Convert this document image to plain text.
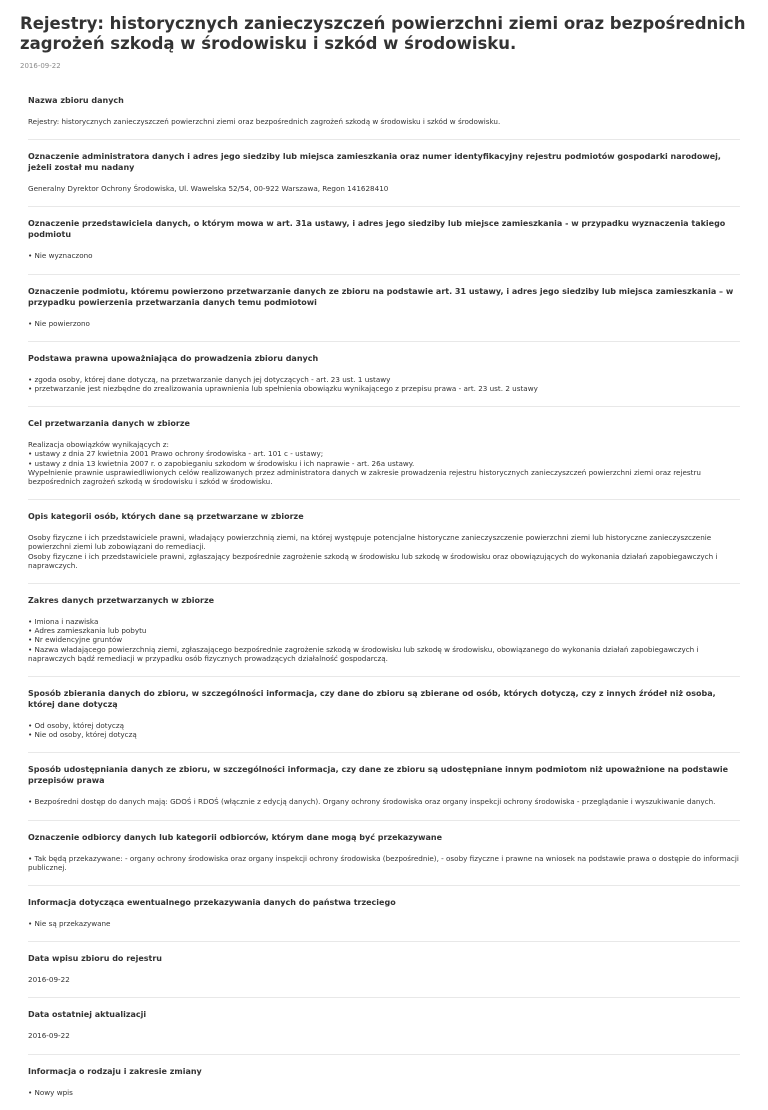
Rejestry: historycznych zanieczyszczeń powierzchni ziemi oraz bezpośrednich zagrożeń szkodą w środowisku i szkód w środowisku.
2016-09-22
Nazwa zbioru danych
Rejestry: historycznych zanieczyszczeń powierzchni ziemi oraz bezpośrednich zagrożeń szkodą w środowisku i szkód w środowisku.
Oznaczenie administratora danych i adres jego siedziby lub miejsca zamieszkania oraz numer identyfikacyjny rejestru podmiotów gospodarki narodowej, jeżeli został mu nadany
Generalny Dyrektor Ochrony Środowiska, Ul. Wawelska 52/54, 00-922 Warszawa, Regon 141628410
Oznaczenie przedstawiciela danych, o którym mowa w art. 31a ustawy, i adres jego siedziby lub miejsce zamieszkania - w przypadku wyznaczenia takiego podmiotu
• Nie wyznaczono
Oznaczenie podmiotu, któremu powierzono przetwarzanie danych ze zbioru na podstawie art. 31 ustawy, i adres jego siedziby lub miejsca zamieszkania – w przypadku powierzenia przetwarzania danych temu podmiotowi
• Nie powierzono
Podstawa prawna upoważniająca do prowadzenia zbioru danych
• zgoda osoby, której dane dotyczą, na przetwarzanie danych jej dotyczących - art. 23 ust. 1 ustawy
• przetwarzanie jest niezbędne do zrealizowania uprawnienia lub spełnienia obowiązku wynikającego z przepisu prawa - art. 23 ust. 2 ustawy
Cel przetwarzania danych w zbiorze
Realizacja obowiązków wynikających z:
• ustawy z dnia 27 kwietnia 2001 Prawo ochrony środowiska - art. 101 c - ustawy;
• ustawy z dnia 13 kwietnia 2007 r. o zapobieganiu szkodom w środowisku i ich naprawie - art. 26a ustawy.
Wypełnienie prawnie usprawiedliwionych celów realizowanych przez administratora danych w zakresie prowadzenia rejestru historycznych zanieczyszczeń powierzchni ziemi oraz rejestru bezpośrednich zagrożeń szkodą w środowisku i szkód w środowisku.
Opis kategorii osób, których dane są przetwarzane w zbiorze
Osoby fizyczne i ich przedstawiciele prawni, władający powierzchnią ziemi, na której występuje potencjalne historyczne zanieczyszczenie powierzchni ziemi lub historyczne zanieczyszczenie powierzchni ziemi lub zobowiązani do remediacji.
Osoby fizyczne i ich przedstawiciele prawni, zgłaszający bezpośrednie zagrożenie szkodą w środowisku lub szkodę w środowisku oraz obowiązujących do wykonania działań zapobiegawczych i naprawczych.
Zakres danych przetwarzanych w zbiorze
• Imiona i nazwiska
• Adres zamieszkania lub pobytu
• Nr ewidencyjne gruntów
• Nazwa władającego powierzchnią ziemi, zgłaszającego bezpośrednie zagrożenie szkodą w środowisku lub szkodę w środowisku, obowiązanego do wykonania działań zapobiegawczych i naprawczych bądź remediacji w przypadku osób fizycznych prowadzących działalność gospodarczą.
Sposób zbierania danych do zbioru, w szczególności informacja, czy dane do zbioru są zbierane od osób, których dotyczą, czy z innych źródeł niż osoba, której dane dotyczą
• Od osoby, której dotyczą
• Nie od osoby, której dotyczą
Sposób udostępniania danych ze zbioru, w szczególności informacja, czy dane ze zbioru są udostępniane innym podmiotom niż upoważnione na podstawie przepisów prawa
• Bezpośredni dostęp do danych mają: GDOŚ i RDOŚ (włącznie z edycją danych). Organy ochrony środowiska oraz organy inspekcji ochrony środowiska - przeglądanie i wyszukiwanie danych.
Oznaczenie odbiorcy danych lub kategorii odbiorców, którym dane mogą być przekazywane
• Tak będą przekazywane: - organy ochrony środowiska oraz organy inspekcji ochrony środowiska (bezpośrednie), - osoby fizyczne i prawne na wniosek na podstawie prawa o dostępie do informacji publicznej.
Informacja dotycząca ewentualnego przekazywania danych do państwa trzeciego
• Nie są przekazywane
Data wpisu zbioru do rejestru
2016-09-22
Data ostatniej aktualizacji
2016-09-22
Informacja o rodzaju i zakresie zmiany
• Nowy wpis
